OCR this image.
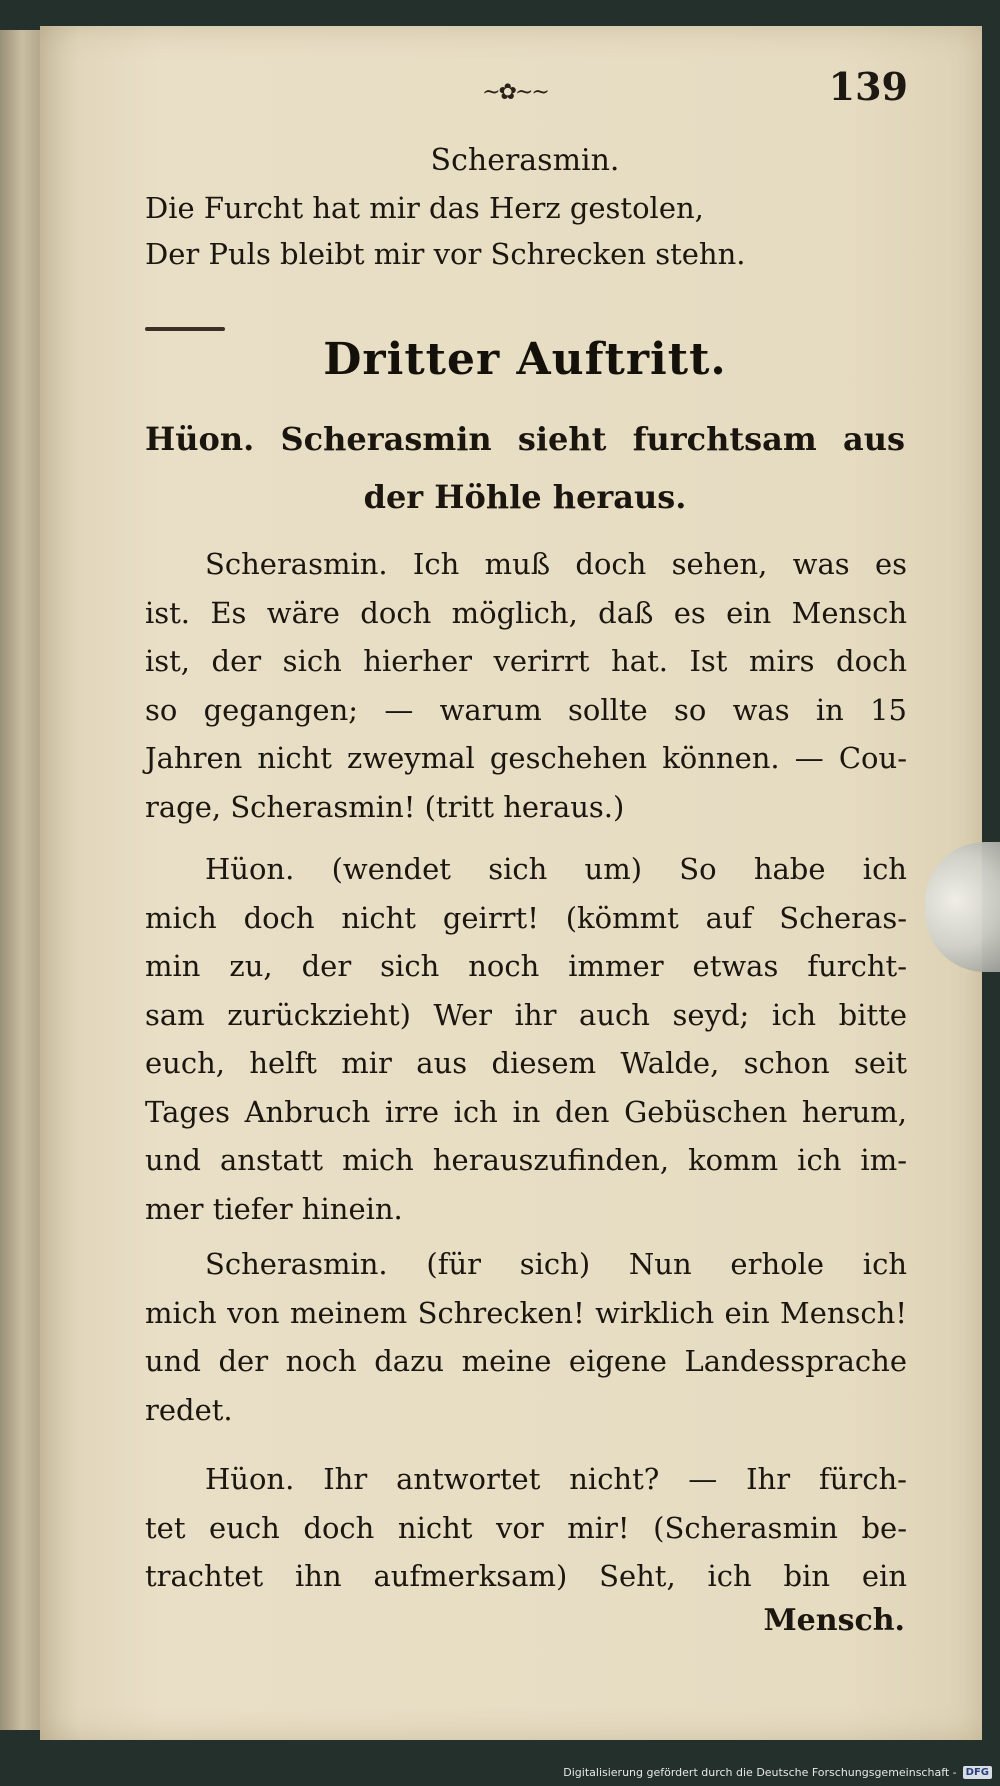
~✿~~	139
Scherasmin.
Die Furcht hat mir das Herz gestolen,
Der Puls bleibt mir vor Schrecken stehn.
Dritter Auftritt.
Hüon. Scherasmin sieht furchtsam aus
der Höhle heraus.
Scherasmin. Ich muß doch sehen, was es
ist. Es wäre doch möglich, daß es ein Mensch
ist, der sich hierher verirrt hat. Ist mirs doch
so gegangen; — warum sollte so was in 15
Jahren nicht zweymal geschehen können. — Cou-
rage, Scherasmin! (tritt heraus.)
Hüon. (wendet sich um) So habe ich
mich doch nicht geirrt! (kömmt auf Scheras-
min zu, der sich noch immer etwas furcht-
sam zurückzieht) Wer ihr auch seyd; ich bitte
euch, helft mir aus diesem Walde, schon seit
Tages Anbruch irre ich in den Gebüschen herum,
und anstatt mich herauszufinden, komm ich im-
mer tiefer hinein.
Scherasmin. (für sich) Nun erhole ich
mich von meinem Schrecken! wirklich ein Mensch!
und der noch dazu meine eigene Landessprache
redet.
Hüon. Ihr antwortet nicht? — Ihr fürch-
tet euch doch nicht vor mir! (Scherasmin be-
trachtet ihn aufmerksam) Seht, ich bin ein
Mensch.
Digitalisierung gefördert durch die Deutsche Forschungsgemeinschaft - DFG
